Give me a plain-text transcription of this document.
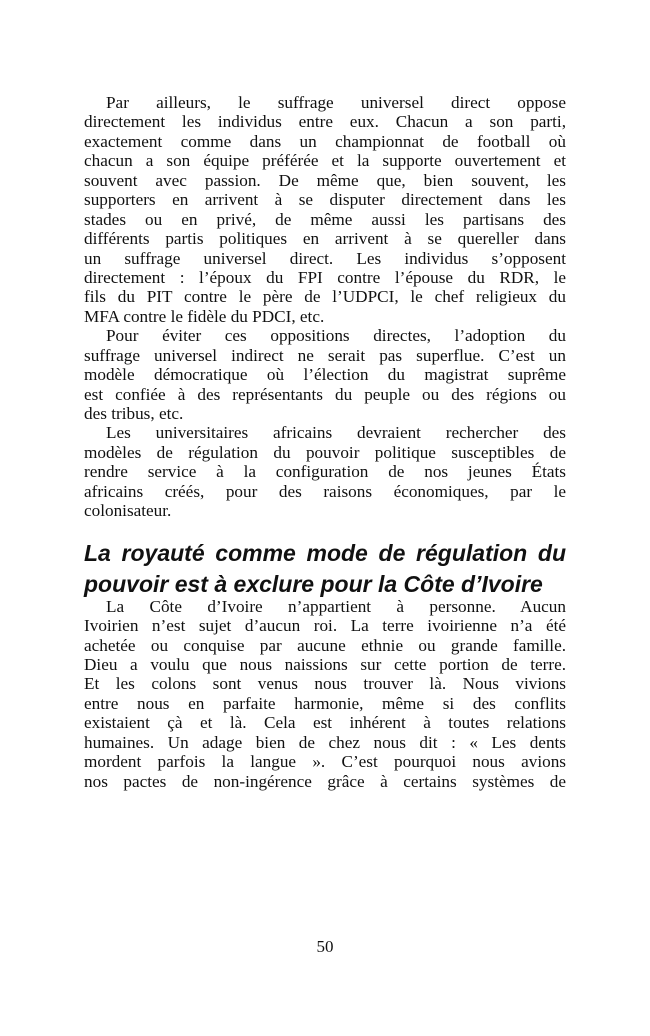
Par ailleurs, le suffrage universel direct oppose
directement les individus entre eux. Chacun a son parti,
exactement comme dans un championnat de football où
chacun a son équipe préférée et la supporte ouvertement et
souvent avec passion. De même que, bien souvent, les
supporters en arrivent à se disputer directement dans les
stades ou en privé, de même aussi les partisans des
différents partis politiques en arrivent à se quereller dans
un suffrage universel direct. Les individus s’opposent
directement : l’époux du FPI contre l’épouse du RDR, le
fils du PIT contre le père de l’UDPCI, le chef religieux du
MFA contre le fidèle du PDCI, etc.
Pour éviter ces oppositions directes, l’adoption du
suffrage universel indirect ne serait pas superflue. C’est un
modèle démocratique où l’élection du magistrat suprême
est confiée à des représentants du peuple ou des régions ou
des tribus, etc.
Les universitaires africains devraient rechercher des
modèles de régulation du pouvoir politique susceptibles de
rendre service à la configuration de nos jeunes États
africains créés, pour des raisons économiques, par le
colonisateur.
La royauté comme mode de régulation du
pouvoir est à exclure pour la Côte d’Ivoire
La Côte d’Ivoire n’appartient à personne. Aucun
Ivoirien n’est sujet d’aucun roi. La terre ivoirienne n’a été
achetée ou conquise par aucune ethnie ou grande famille.
Dieu a voulu que nous naissions sur cette portion de terre.
Et les colons sont venus nous trouver là. Nous vivions
entre nous en parfaite harmonie, même si des conflits
existaient çà et là. Cela est inhérent à toutes relations
humaines. Un adage bien de chez nous dit : « Les dents
mordent parfois la langue ». C’est pourquoi nous avions
nos pactes de non-ingérence grâce à certains systèmes de
50
